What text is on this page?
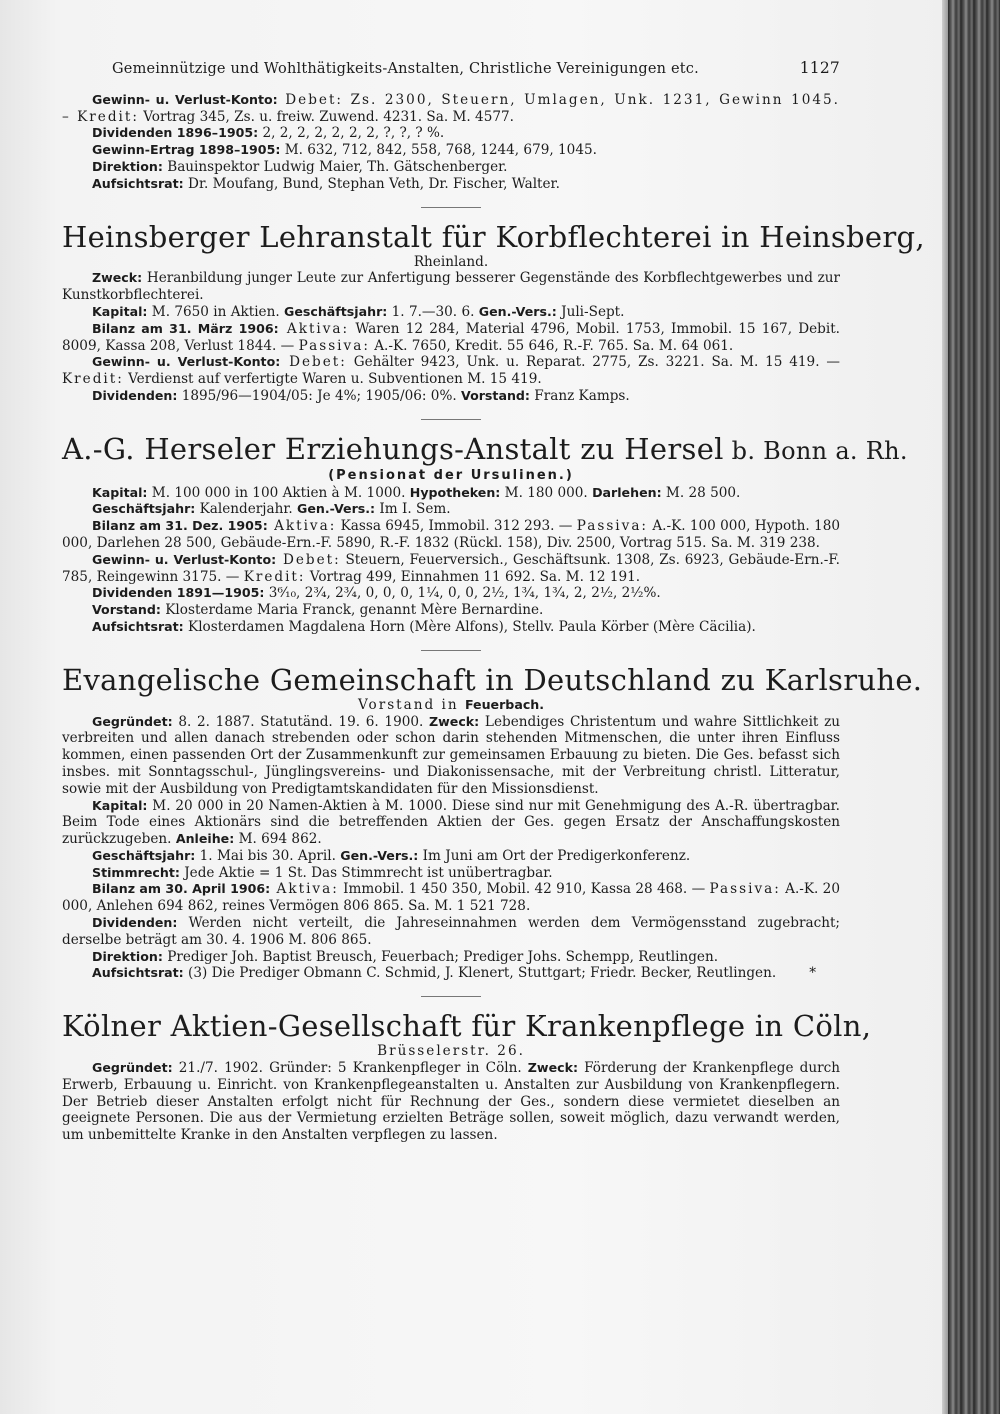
Gemeinnützige und Wohlthätigkeits-Anstalten, Christliche Vereinigungen etc.	1127

Gewinn- u. Verlust-Konto: Debet: Zs. 2300, Steuern, Umlagen, Unk. 1231, Gewinn 1045. – Kredit: Vortrag 345, Zs. u. freiw. Zuwend. 4231. Sa. M. 4577.

Dividenden 1896–1905: 2, 2, 2, 2, 2, 2, 2, ?, ?, ? %.

Gewinn-Ertrag 1898–1905: M. 632, 712, 842, 558, 768, 1244, 679, 1045.

Direktion: Bauinspektor Ludwig Maier, Th. Gätschenberger.

Aufsichtsrat: Dr. Moufang, Bund, Stephan Veth, Dr. Fischer, Walter.

Heinsberger Lehranstalt für Korbflechterei in Heinsberg,

Rheinland.

Zweck: Heranbildung junger Leute zur Anfertigung besserer Gegenstände des Korbflechtgewerbes und zur Kunstkorbflechterei.

Kapital: M. 7650 in Aktien. Geschäftsjahr: 1. 7.—30. 6. Gen.-Vers.: Juli-Sept.

Bilanz am 31. März 1906: Aktiva: Waren 12 284, Material 4796, Mobil. 1753, Immobil. 15 167, Debit. 8009, Kassa 208, Verlust 1844. — Passiva: A.-K. 7650, Kredit. 55 646, R.-F. 765. Sa. M. 64 061.

Gewinn- u. Verlust-Konto: Debet: Gehälter 9423, Unk. u. Reparat. 2775, Zs. 3221. Sa. M. 15 419. — Kredit: Verdienst auf verfertigte Waren u. Subventionen M. 15 419.

Dividenden: 1895/96—1904/05: Je 4%; 1905/06: 0%. Vorstand: Franz Kamps.

A.-G. Herseler Erziehungs-Anstalt zu Hersel b. Bonn a. Rh.

(Pensionat der Ursulinen.)

Kapital: M. 100 000 in 100 Aktien à M. 1000. Hypotheken: M. 180 000. Darlehen: M. 28 500.

Geschäftsjahr: Kalenderjahr. Gen.-Vers.: Im I. Sem.

Bilanz am 31. Dez. 1905: Aktiva: Kassa 6945, Immobil. 312 293. — Passiva: A.-K. 100 000, Hypoth. 180 000, Darlehen 28 500, Gebäude-Ern.-F. 5890, R.-F. 1832 (Rückl. 158), Div. 2500, Vortrag 515. Sa. M. 319 238.

Gewinn- u. Verlust-Konto: Debet: Steuern, Feuerversich., Geschäftsunk. 1308, Zs. 6923, Gebäude-Ern.-F. 785, Reingewinn 3175. — Kredit: Vortrag 499, Einnahmen 11 692. Sa. M. 12 191.

Dividenden 1891—1905: 3⁶⁄₁₀, 2³⁄₄, 2³⁄₄, 0, 0, 0, 1¹⁄₄, 0, 0, 2¹⁄₂, 1³⁄₄, 1³⁄₄, 2, 2¹⁄₂, 2¹⁄₂%.

Vorstand: Klosterdame Maria Franck, genannt Mère Bernardine.

Aufsichtsrat: Klosterdamen Magdalena Horn (Mère Alfons), Stellv. Paula Körber (Mère Cäcilia).

Evangelische Gemeinschaft in Deutschland zu Karlsruhe.

Vorstand in Feuerbach.

Gegründet: 8. 2. 1887. Statutänd. 19. 6. 1900. Zweck: Lebendiges Christentum und wahre Sittlichkeit zu verbreiten und allen danach strebenden oder schon darin stehenden Mitmenschen, die unter ihren Einfluss kommen, einen passenden Ort der Zusammenkunft zur gemeinsamen Erbauung zu bieten. Die Ges. befasst sich insbes. mit Sonntagsschul-, Jünglingsvereins- und Diakonissensache, mit der Verbreitung christl. Litteratur, sowie mit der Ausbildung von Predigtamtskandidaten für den Missionsdienst.

Kapital: M. 20 000 in 20 Namen-Aktien à M. 1000. Diese sind nur mit Genehmigung des A.-R. übertragbar. Beim Tode eines Aktionärs sind die betreffenden Aktien der Ges. gegen Ersatz der Anschaffungskosten zurückzugeben. Anleihe: M. 694 862.

Geschäftsjahr: 1. Mai bis 30. April. Gen.-Vers.: Im Juni am Ort der Predigerkonferenz.

Stimmrecht: Jede Aktie = 1 St. Das Stimmrecht ist unübertragbar.

Bilanz am 30. April 1906: Aktiva: Immobil. 1 450 350, Mobil. 42 910, Kassa 28 468. — Passiva: A.-K. 20 000, Anlehen 694 862, reines Vermögen 806 865. Sa. M. 1 521 728.

Dividenden: Werden nicht verteilt, die Jahreseinnahmen werden dem Vermögensstand zugebracht; derselbe beträgt am 30. 4. 1906 M. 806 865.

Direktion: Prediger Joh. Baptist Breusch, Feuerbach; Prediger Johs. Schempp, Reutlingen.

Aufsichtsrat: (3) Die Prediger Obmann C. Schmid, J. Klenert, Stuttgart; Friedr. Becker, Reutlingen.	*

Kölner Aktien-Gesellschaft für Krankenpflege in Cöln,

Brüsselerstr. 26.

Gegründet: 21./7. 1902. Gründer: 5 Krankenpfleger in Cöln. Zweck: Förderung der Krankenpflege durch Erwerb, Erbauung u. Einricht. von Krankenpflegeanstalten u. Anstalten zur Ausbildung von Krankenpflegern. Der Betrieb dieser Anstalten erfolgt nicht für Rechnung der Ges., sondern diese vermietet dieselben an geeignete Personen. Die aus der Vermietung erzielten Beträge sollen, soweit möglich, dazu verwandt werden, um unbemittelte Kranke in den Anstalten verpflegen zu lassen.
